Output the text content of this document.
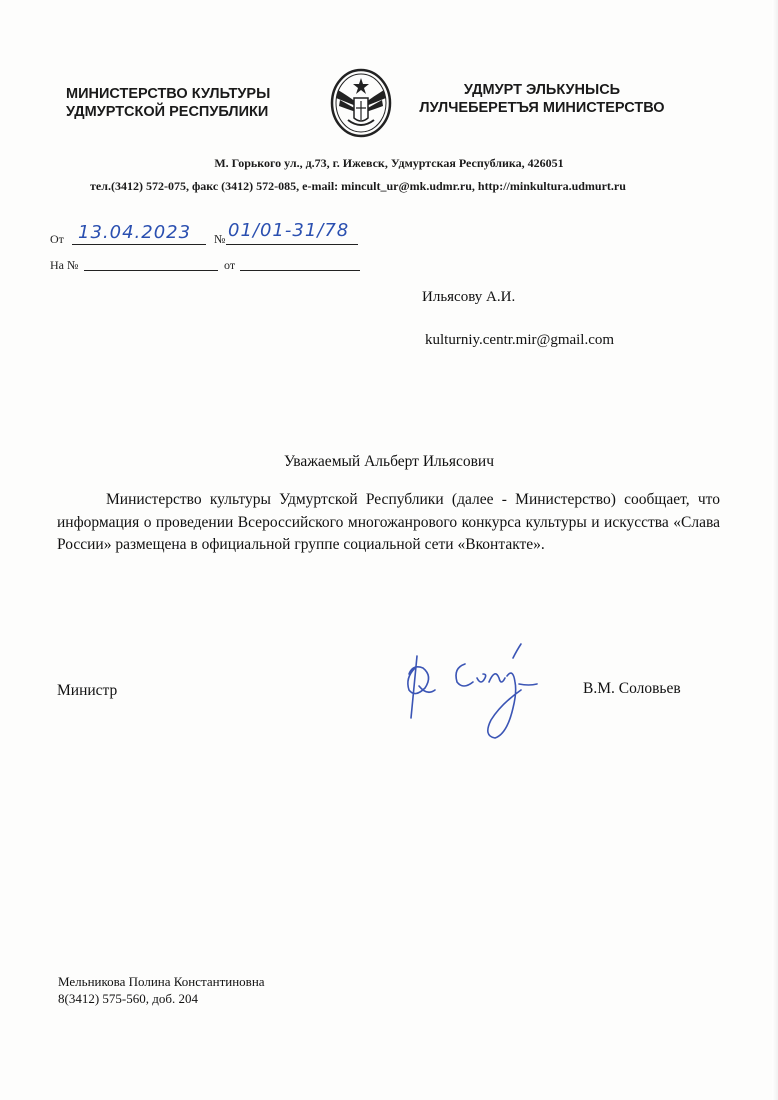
МИНИСТЕРСТВО КУЛЬТУРЫ
УДМУРТСКОЙ РЕСПУБЛИКИ
УДМУРТ ЭЛЬКУНЫСЬ
ЛУЛЧЕБЕРЕТЪЯ МИНИСТЕРСТВО
М. Горького ул., д.73, г. Ижевск, Удмуртская Республика, 426051
тел.(3412) 572-075, факс (3412) 572-085, e-mail: mincult_ur@mk.udmr.ru, http://minkultura.udmurt.ru
От 13.04.2023 № 01/01-31/78
На №	от
Ильясову А.И.
kulturniy.centr.mir@gmail.com
Уважаемый Альберт Ильясович
Министерство культуры Удмуртской Республики (далее - Министерство) сообщает, что информация о проведении Всероссийского многожанрового конкурса культуры и искусства «Слава России» размещена в официальной группе социальной сети «Вконтакте».
Министр	В.М. Соловьев
Мельникова Полина Константиновна
8(3412) 575-560, доб. 204
